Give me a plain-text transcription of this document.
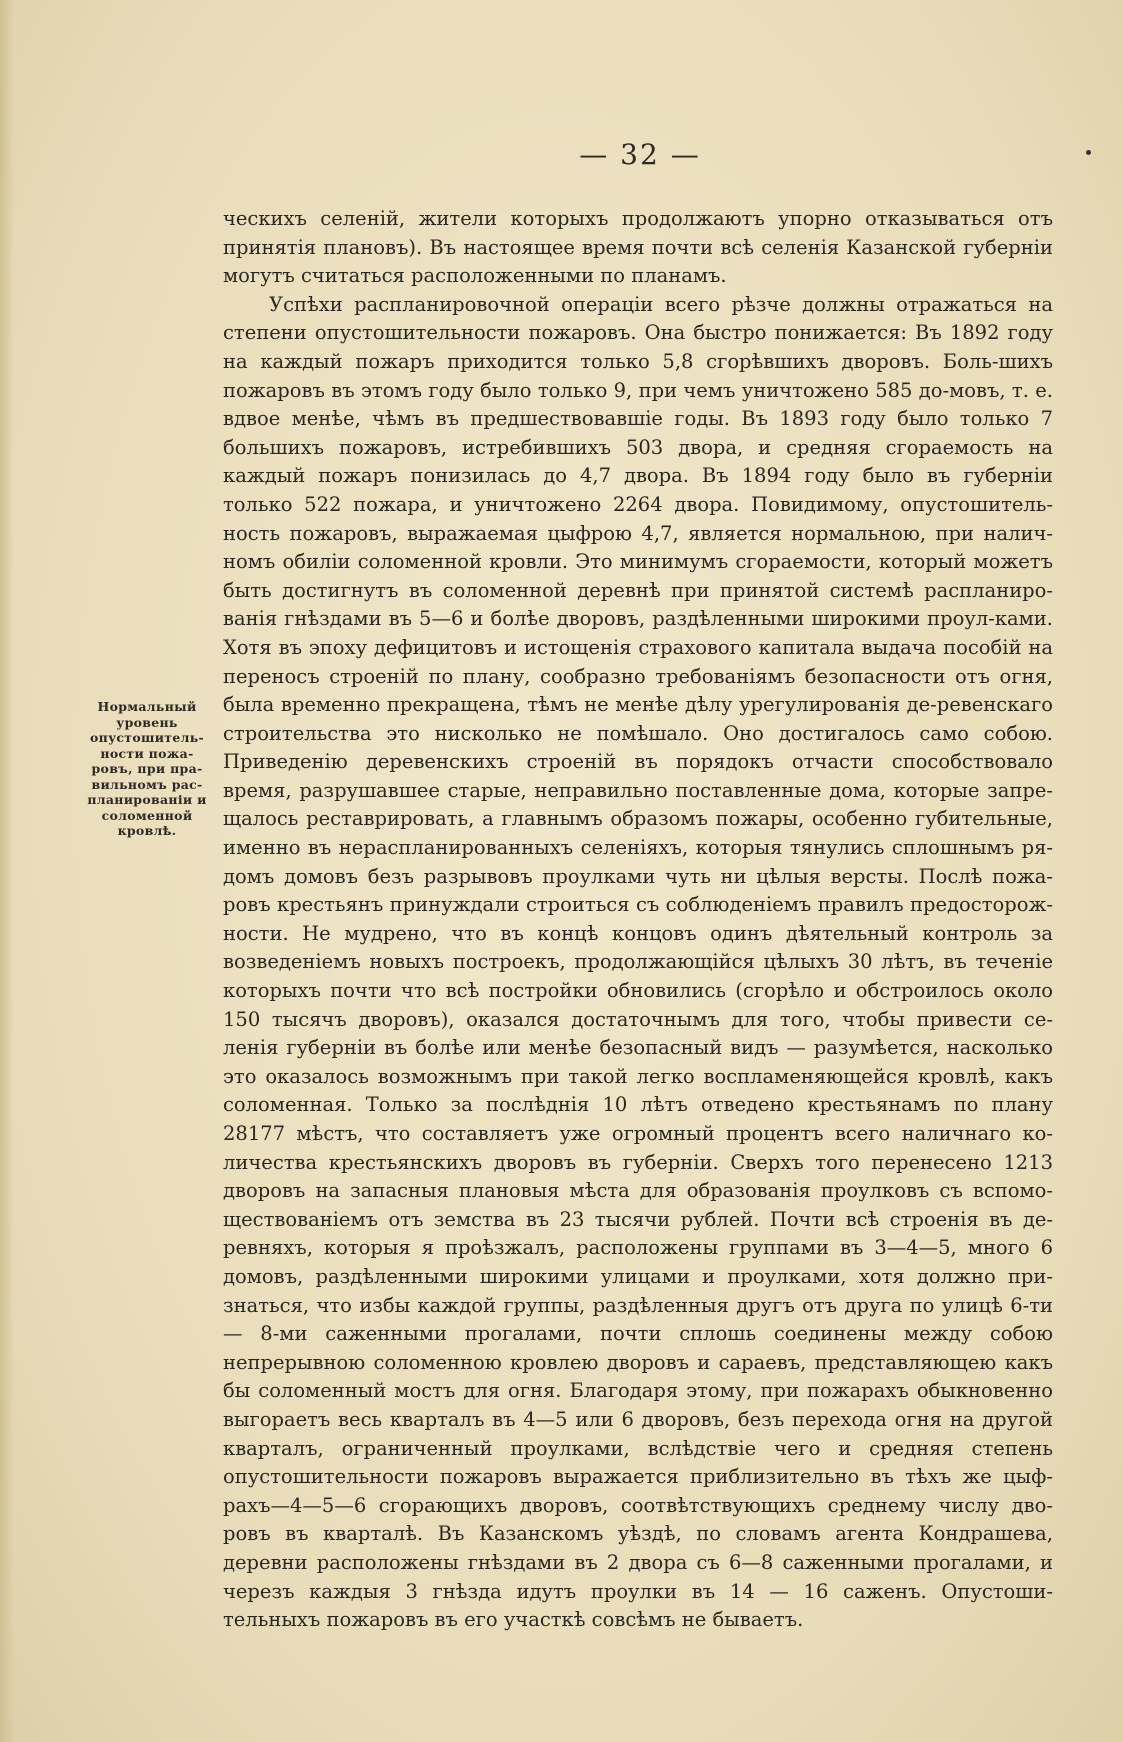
— 32 —
Нормальный уровень опустошитель-ности пожа-ровъ, при пра-вильномъ рас-планированіи и соломенной кровлѣ.

ческихъ селеній, жители которыхъ продолжаютъ упорно отказываться отъ принятія плановъ). Въ настоящее время почти всѣ селенія Казанской губерніи могутъ считаться расположенными по планамъ.

Успѣхи распланировочной операціи всего рѣзче должны отражаться на степени опустошительности пожаровъ. Она быстро понижается: Въ 1892 году на каждый пожаръ приходится только 5,8 сгорѣвшихъ дворовъ. Боль-шихъ пожаровъ въ этомъ году было только 9, при чемъ уничтожено 585 до-мовъ, т. е. вдвое менѣе, чѣмъ въ предшествовавшіе годы. Въ 1893 году было только 7 большихъ пожаровъ, истребившихъ 503 двора, и средняя сгораемость на каждый пожаръ понизилась до 4,7 двора. Въ 1894 году было въ губерніи только 522 пожара, и уничтожено 2264 двора. Повидимому, опустошитель-ность пожаровъ, выражаемая цыфрою 4,7, является нормальною, при налич-номъ обиліи соломенной кровли. Это минимумъ сгораемости, который можетъ быть достигнутъ въ соломенной деревнѣ при принятой системѣ распланиро-ванія гнѣздами въ 5—6 и болѣе дворовъ, раздѣленными широкими проул-ками. Хотя въ эпоху дефицитовъ и истощенія страхового капитала выдача пособій на переносъ строеній по плану, сообразно требованіямъ безопасности отъ огня, была временно прекращена, тѣмъ не менѣе дѣлу урегулированія де-ревенскаго строительства это нисколько не помѣшало. Оно достигалось само собою. Приведенію деревенскихъ строеній въ порядокъ отчасти способствовало время, разрушавшее старые, неправильно поставленные дома, которые запре-щалось реставрировать, а главнымъ образомъ пожары, особенно губительные, именно въ нераспланированныхъ селеніяхъ, которыя тянулись сплошнымъ ря-домъ домовъ безъ разрывовъ проулками чуть ни цѣлыя версты. Послѣ пожа-ровъ крестьянъ принуждали строиться съ соблюденіемъ правилъ предосторож-ности. Не мудрено, что въ концѣ концовъ одинъ дѣятельный контроль за возведеніемъ новыхъ построекъ, продолжающійся цѣлыхъ 30 лѣтъ, въ теченіе которыхъ почти что всѣ постройки обновились (сгорѣло и обстроилось около 150 тысячъ дворовъ), оказался достаточнымъ для того, чтобы привести се-ленія губерніи въ болѣе или менѣе безопасный видъ — разумѣется, насколько это оказалось возможнымъ при такой легко воспламеняющейся кровлѣ, какъ соломенная. Только за послѣднія 10 лѣтъ отведено крестьянамъ по плану 28177 мѣстъ, что составляетъ уже огромный процентъ всего наличнаго ко-личества крестьянскихъ дворовъ въ губерніи. Сверхъ того перенесено 1213 дворовъ на запасныя плановыя мѣста для образованія проулковъ съ вспомо-ществованіемъ отъ земства въ 23 тысячи рублей. Почти всѣ строенія въ де-ревняхъ, которыя я проѣзжалъ, расположены группами въ 3—4—5, много 6 домовъ, раздѣленными широкими улицами и проулками, хотя должно при-знаться, что избы каждой группы, раздѣленныя другъ отъ друга по улицѣ 6-ти — 8-ми саженными прогалами, почти сплошь соединены между собою непрерывною соломенною кровлею дворовъ и сараевъ, представляющею какъ бы соломенный мостъ для огня. Благодаря этому, при пожарахъ обыкновенно выгораетъ весь кварталъ въ 4—5 или 6 дворовъ, безъ перехода огня на другой кварталъ, ограниченный проулками, вслѣдствіе чего и средняя степень опустошительности пожаровъ выражается приблизительно въ тѣхъ же цыф-рахъ—4—5—6 сгорающихъ дворовъ, соотвѣтствующихъ среднему числу дво-ровъ въ кварталѣ. Въ Казанскомъ уѣздѣ, по словамъ агента Кондрашева, деревни расположены гнѣздами въ 2 двора съ 6—8 саженными прогалами, и черезъ каждыя 3 гнѣзда идутъ проулки въ 14 — 16 саженъ. Опустоши-тельныхъ пожаровъ въ его участкѣ совсѣмъ не бываетъ.
